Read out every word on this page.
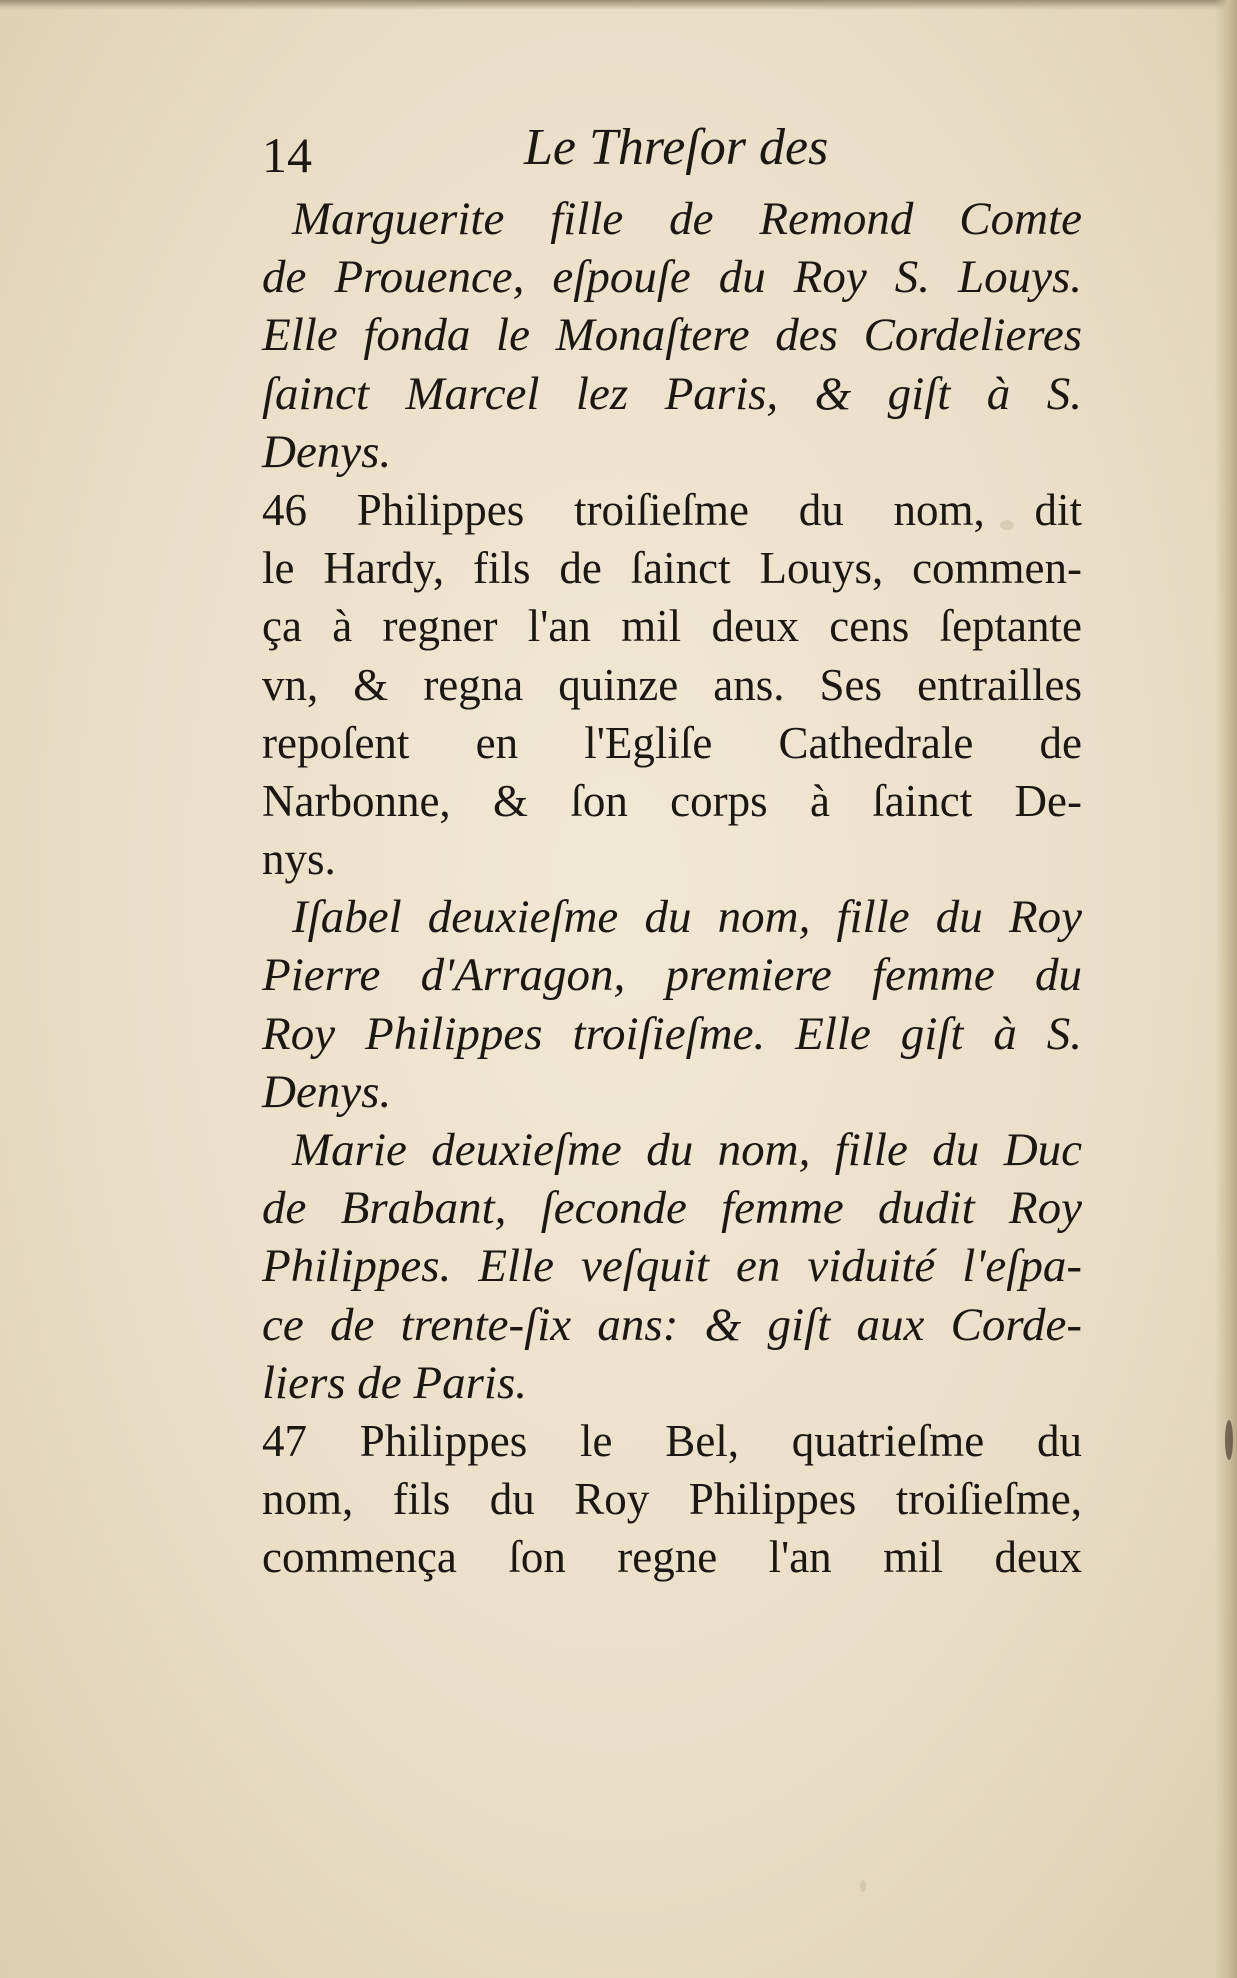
14	Le Threſor des
Marguerite fille de Remond Comte
de Prouence, eſpouſe du Roy S. Louys.
Elle fonda le Monaſtere des Cordelieres
ſainct Marcel lez Paris, & giſt à S.
Denys.
46 Philippes troiſieſme du nom, dit
le Hardy, fils de ſainct Louys, commen-
ça à regner l'an mil deux cens ſeptante
vn, & regna quinze ans. Ses entrailles
repoſent en l'Egliſe Cathedrale de
Narbonne, & ſon corps à ſainct De-
nys.
Iſabel deuxieſme du nom, fille du Roy
Pierre d'Arragon, premiere femme du
Roy Philippes troiſieſme. Elle giſt à S.
Denys.
Marie deuxieſme du nom, fille du Duc
de Brabant, ſeconde femme dudit Roy
Philippes. Elle veſquit en viduité l'eſpa-
ce de trente-ſix ans: & giſt aux Corde-
liers de Paris.
47 Philippes le Bel, quatrieſme du
nom, fils du Roy Philippes troiſieſme,
commença ſon regne l'an mil deux
